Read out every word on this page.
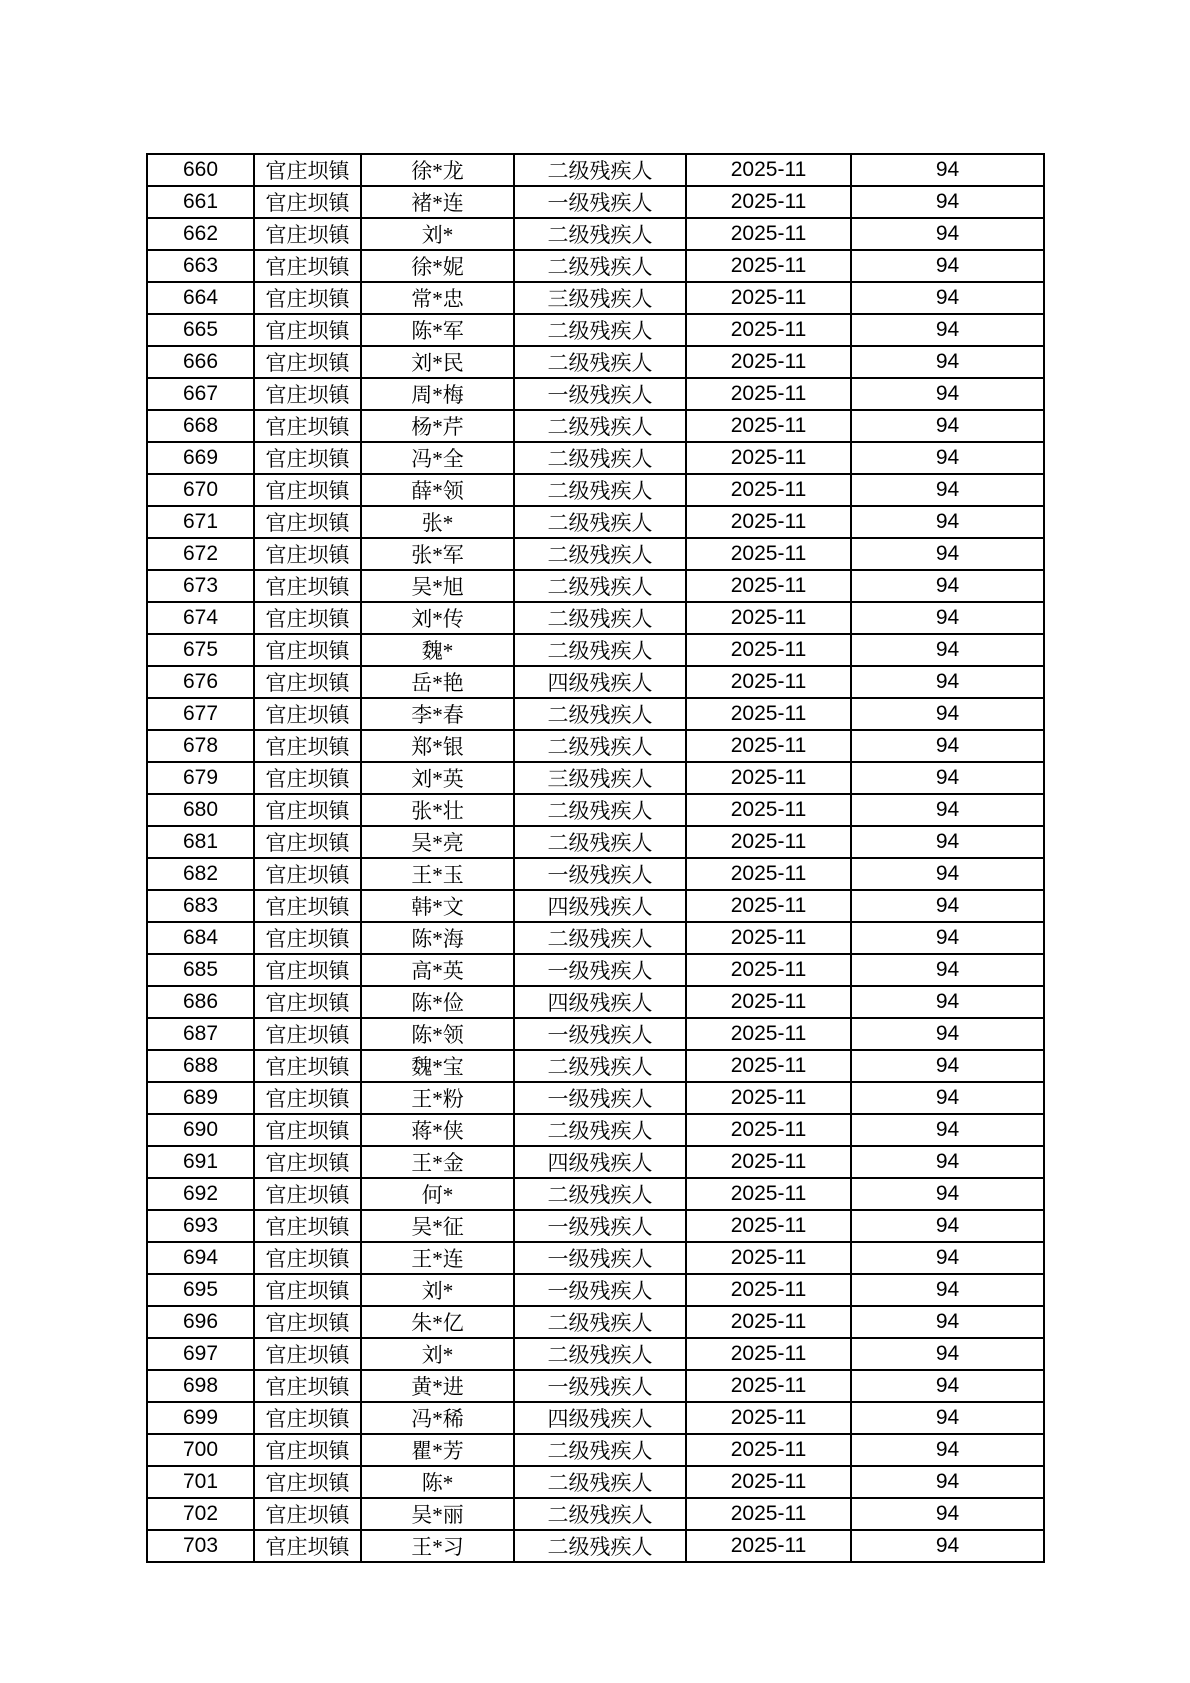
660	官庄坝镇	徐*龙	二级残疾人	2025-11	94
661	官庄坝镇	褚*连	一级残疾人	2025-11	94
662	官庄坝镇	刘*	二级残疾人	2025-11	94
663	官庄坝镇	徐*妮	二级残疾人	2025-11	94
664	官庄坝镇	常*忠	三级残疾人	2025-11	94
665	官庄坝镇	陈*军	二级残疾人	2025-11	94
666	官庄坝镇	刘*民	二级残疾人	2025-11	94
667	官庄坝镇	周*梅	一级残疾人	2025-11	94
668	官庄坝镇	杨*芹	二级残疾人	2025-11	94
669	官庄坝镇	冯*全	二级残疾人	2025-11	94
670	官庄坝镇	薛*领	二级残疾人	2025-11	94
671	官庄坝镇	张*	二级残疾人	2025-11	94
672	官庄坝镇	张*军	二级残疾人	2025-11	94
673	官庄坝镇	吴*旭	二级残疾人	2025-11	94
674	官庄坝镇	刘*传	二级残疾人	2025-11	94
675	官庄坝镇	魏*	二级残疾人	2025-11	94
676	官庄坝镇	岳*艳	四级残疾人	2025-11	94
677	官庄坝镇	李*春	二级残疾人	2025-11	94
678	官庄坝镇	郑*银	二级残疾人	2025-11	94
679	官庄坝镇	刘*英	三级残疾人	2025-11	94
680	官庄坝镇	张*壮	二级残疾人	2025-11	94
681	官庄坝镇	吴*亮	二级残疾人	2025-11	94
682	官庄坝镇	王*玉	一级残疾人	2025-11	94
683	官庄坝镇	韩*文	四级残疾人	2025-11	94
684	官庄坝镇	陈*海	二级残疾人	2025-11	94
685	官庄坝镇	高*英	一级残疾人	2025-11	94
686	官庄坝镇	陈*俭	四级残疾人	2025-11	94
687	官庄坝镇	陈*领	一级残疾人	2025-11	94
688	官庄坝镇	魏*宝	二级残疾人	2025-11	94
689	官庄坝镇	王*粉	一级残疾人	2025-11	94
690	官庄坝镇	蒋*侠	二级残疾人	2025-11	94
691	官庄坝镇	王*金	四级残疾人	2025-11	94
692	官庄坝镇	何*	二级残疾人	2025-11	94
693	官庄坝镇	吴*征	一级残疾人	2025-11	94
694	官庄坝镇	王*连	一级残疾人	2025-11	94
695	官庄坝镇	刘*	一级残疾人	2025-11	94
696	官庄坝镇	朱*亿	二级残疾人	2025-11	94
697	官庄坝镇	刘*	二级残疾人	2025-11	94
698	官庄坝镇	黄*进	一级残疾人	2025-11	94
699	官庄坝镇	冯*稀	四级残疾人	2025-11	94
700	官庄坝镇	瞿*芳	二级残疾人	2025-11	94
701	官庄坝镇	陈*	二级残疾人	2025-11	94
702	官庄坝镇	吴*丽	二级残疾人	2025-11	94
703	官庄坝镇	王*习	二级残疾人	2025-11	94
